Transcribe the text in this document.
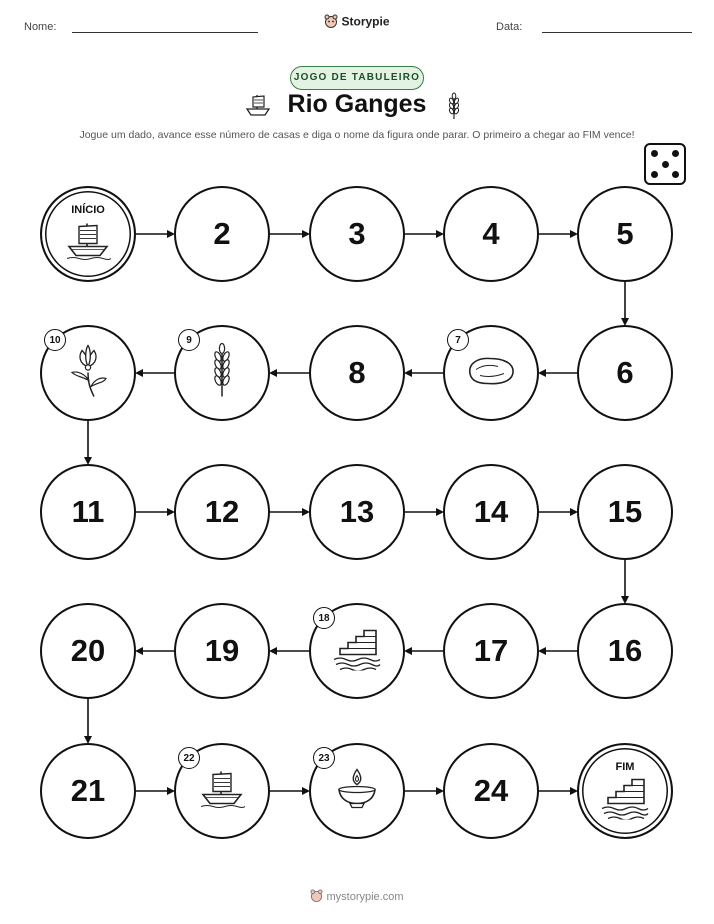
Nome:	Storypie	Data:
JOGO DE TABULEIRO
Rio Ganges
Jogue um dado, avance esse número de casas e diga o nome da figura onde parar. O primeiro a chegar ao FIM vence!
INÍCIO
2	3	4	5
6
7
8
9
10
11	12	13	14	15
16
17
18
19
20
21
22	23
24
FIM
mystorypie.com
